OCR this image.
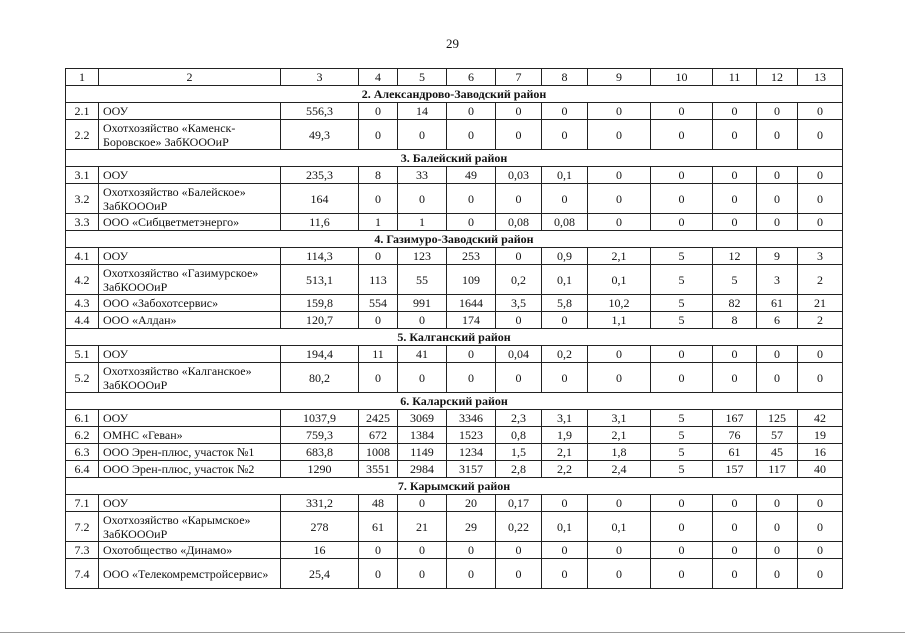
29
1	2	3	4	5	6	7	8	9	10	11	12	13
2. Александрово-Заводский район												
2.1	ООУ	556,3	0	14	0	0	0	0	0	0	0	0
2.2	Охотхозяйство «Каменск-Боровское» ЗабКОООиР	49,3	0	0	0	0	0	0	0	0	0	0
3. Балейский район												
3.1	ООУ	235,3	8	33	49	0,03	0,1	0	0	0	0	0
3.2	Охотхозяйство «Балейское» ЗабКОООиР	164	0	0	0	0	0	0	0	0	0	0
3.3	ООО «Сибцветметэнерго»	11,6	1	1	0	0,08	0,08	0	0	0	0	0
4. Газимуро-Заводский район												
4.1	ООУ	114,3	0	123	253	0	0,9	2,1	5	12	9	3
4.2	Охотхозяйство «Газимурское» ЗабКОООиР	513,1	113	55	109	0,2	0,1	0,1	5	5	3	2
4.3	ООО «Забохотсервис»	159,8	554	991	1644	3,5	5,8	10,2	5	82	61	21
4.4	ООО «Алдан»	120,7	0	0	174	0	0	1,1	5	8	6	2
5. Калганский район												
5.1	ООУ	194,4	11	41	0	0,04	0,2	0	0	0	0	0
5.2	Охотхозяйство «Калганское» ЗабКОООиР	80,2	0	0	0	0	0	0	0	0	0	0
6. Каларский район												
6.1	ООУ	1037,9	2425	3069	3346	2,3	3,1	3,1	5	167	125	42
6.2	ОМНС «Геван»	759,3	672	1384	1523	0,8	1,9	2,1	5	76	57	19
6.3	ООО Эрен-плюс, участок №1	683,8	1008	1149	1234	1,5	2,1	1,8	5	61	45	16
6.4	ООО Эрен-плюс, участок №2	1290	3551	2984	3157	2,8	2,2	2,4	5	157	117	40
7. Карымский район												
7.1	ООУ	331,2	48	0	20	0,17	0	0	0	0	0	0
7.2	Охотхозяйство «Карымское» ЗабКОООиР	278	61	21	29	0,22	0,1	0,1	0	0	0	0
7.3	Охотобщество «Динамо»	16	0	0	0	0	0	0	0	0	0	0
7.4	ООО «Телекомремстройсервис»	25,4	0	0	0	0	0	0	0	0	0	0
